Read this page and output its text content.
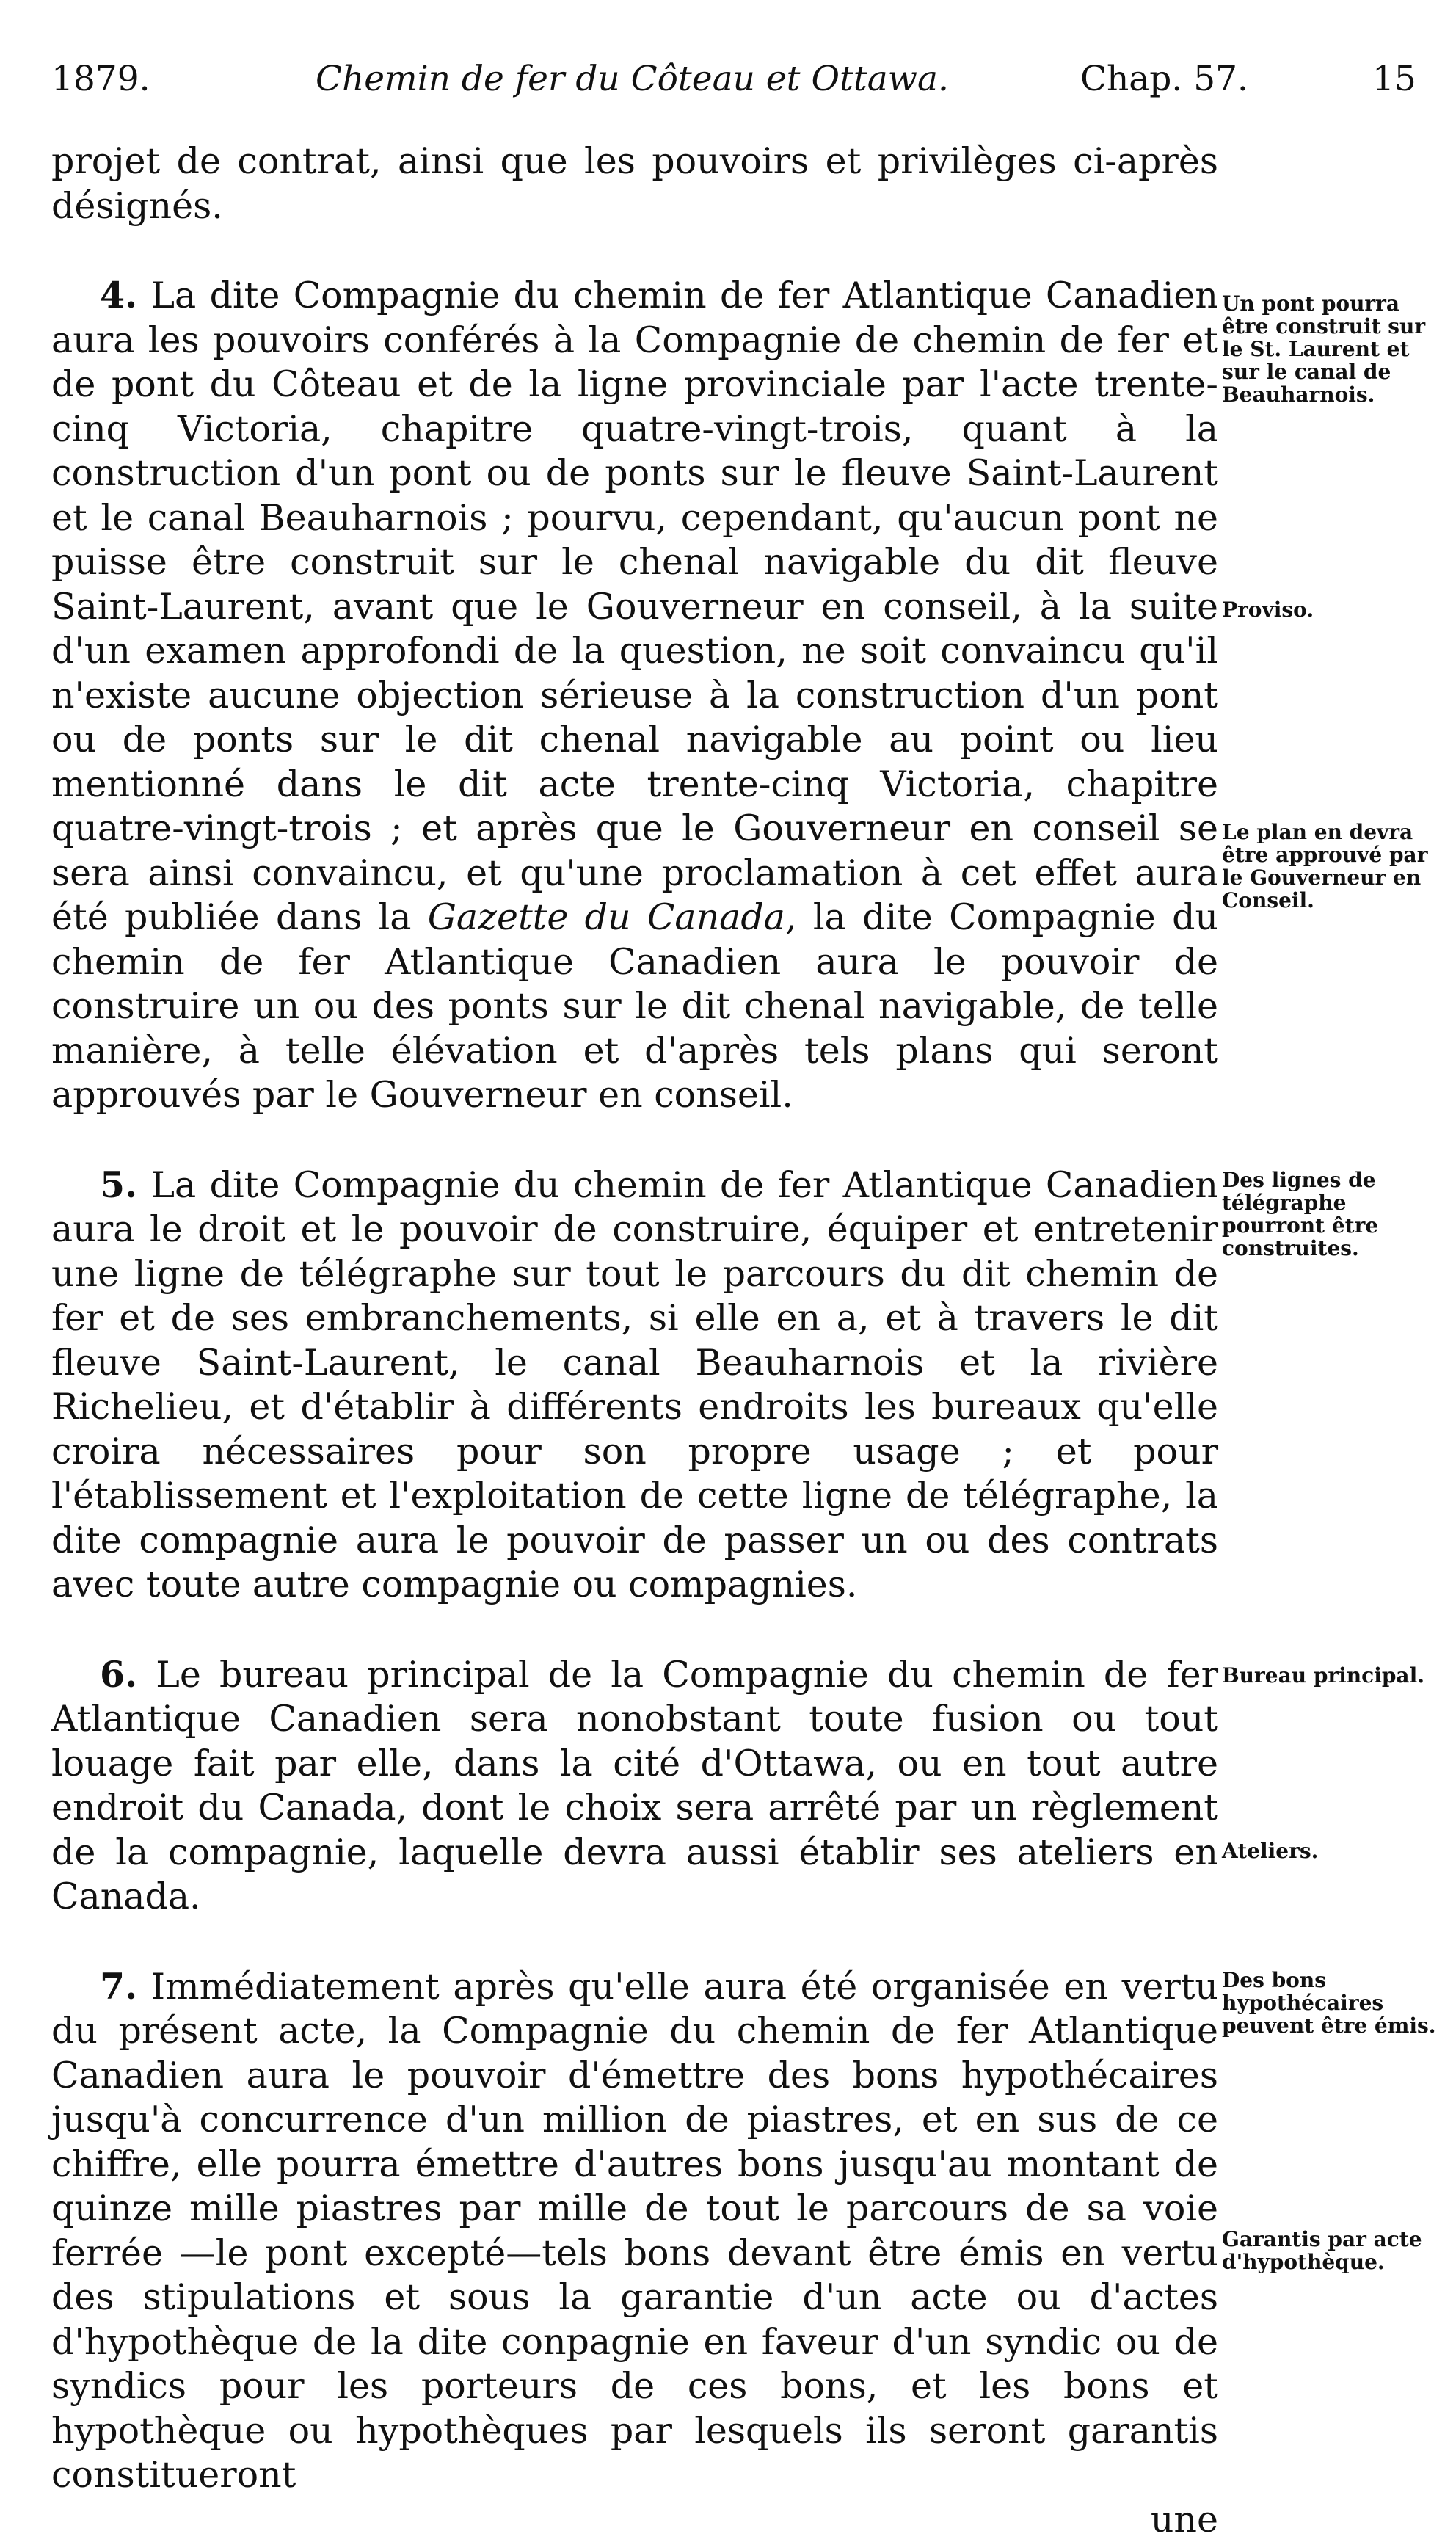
1879.	Chemin de fer du Côteau et Ottawa.	Chap. 57.	15

projet de contrat, ainsi que les pouvoirs et privilèges ci-après désignés.

4. La dite Compagnie du chemin de fer Atlantique Canadien aura les pouvoirs conférés à la Compagnie de chemin de fer et de pont du Côteau et de la ligne provinciale par l'acte trente-cinq Victoria, chapitre quatre-vingt-trois, quant à la construction d'un pont ou de ponts sur le fleuve Saint-Laurent et le canal Beauharnois ; pourvu, cependant, qu'aucun pont ne puisse être construit sur le chenal navigable du dit fleuve Saint-Laurent, avant que le Gouverneur en conseil, à la suite d'un examen approfondi de la question, ne soit convaincu qu'il n'existe aucune objection sérieuse à la construction d'un pont ou de ponts sur le dit chenal navigable au point ou lieu mentionné dans le dit acte trente-cinq Victoria, chapitre quatre-vingt-trois ; et après que le Gouverneur en conseil se sera ainsi convaincu, et qu'une proclamation à cet effet aura été publiée dans la Gazette du Canada, la dite Compagnie du chemin de fer Atlantique Canadien aura le pouvoir de construire un ou des ponts sur le dit chenal navigable, de telle manière, à telle élévation et d'après tels plans qui seront approuvés par le Gouverneur en conseil.

5. La dite Compagnie du chemin de fer Atlantique Canadien aura le droit et le pouvoir de construire, équiper et entretenir une ligne de télégraphe sur tout le parcours du dit chemin de fer et de ses embranchements, si elle en a, et à travers le dit fleuve Saint-Laurent, le canal Beauharnois et la rivière Richelieu, et d'établir à différents endroits les bureaux qu'elle croira nécessaires pour son propre usage ; et pour l'établissement et l'exploitation de cette ligne de télégraphe, la dite compagnie aura le pouvoir de passer un ou des contrats avec toute autre compagnie ou compagnies.

6. Le bureau principal de la Compagnie du chemin de fer Atlantique Canadien sera nonobstant toute fusion ou tout louage fait par elle, dans la cité d'Ottawa, ou en tout autre endroit du Canada, dont le choix sera arrêté par un règlement de la compagnie, laquelle devra aussi établir ses ateliers en Canada.

7. Immédiatement après qu'elle aura été organisée en vertu du présent acte, la Compagnie du chemin de fer Atlantique Canadien aura le pouvoir d'émettre des bons hypothécaires jusqu'à concurrence d'un million de piastres, et en sus de ce chiffre, elle pourra émettre d'autres bons jusqu'au montant de quinze mille piastres par mille de tout le parcours de sa voie ferrée —le pont excepté—tels bons devant être émis en vertu des stipulations et sous la garantie d'un acte ou d'actes d'hypothèque de la dite conpagnie en faveur d'un syndic ou de syndics pour les porteurs de ces bons, et les bons et hypothèque ou hypothèques par lesquels ils seront garantis constitueront

une
Un pont pourra être construit sur le St. Laurent et sur le canal de Beauharnois.
Proviso.
Le plan en devra être approuvé par le Gouverneur en Conseil.
Des lignes de télégraphe pourront être construites.
Bureau principal.
Ateliers.
Des bons hypothécaires peuvent être émis.
Garantis par acte d'hypothèque.
